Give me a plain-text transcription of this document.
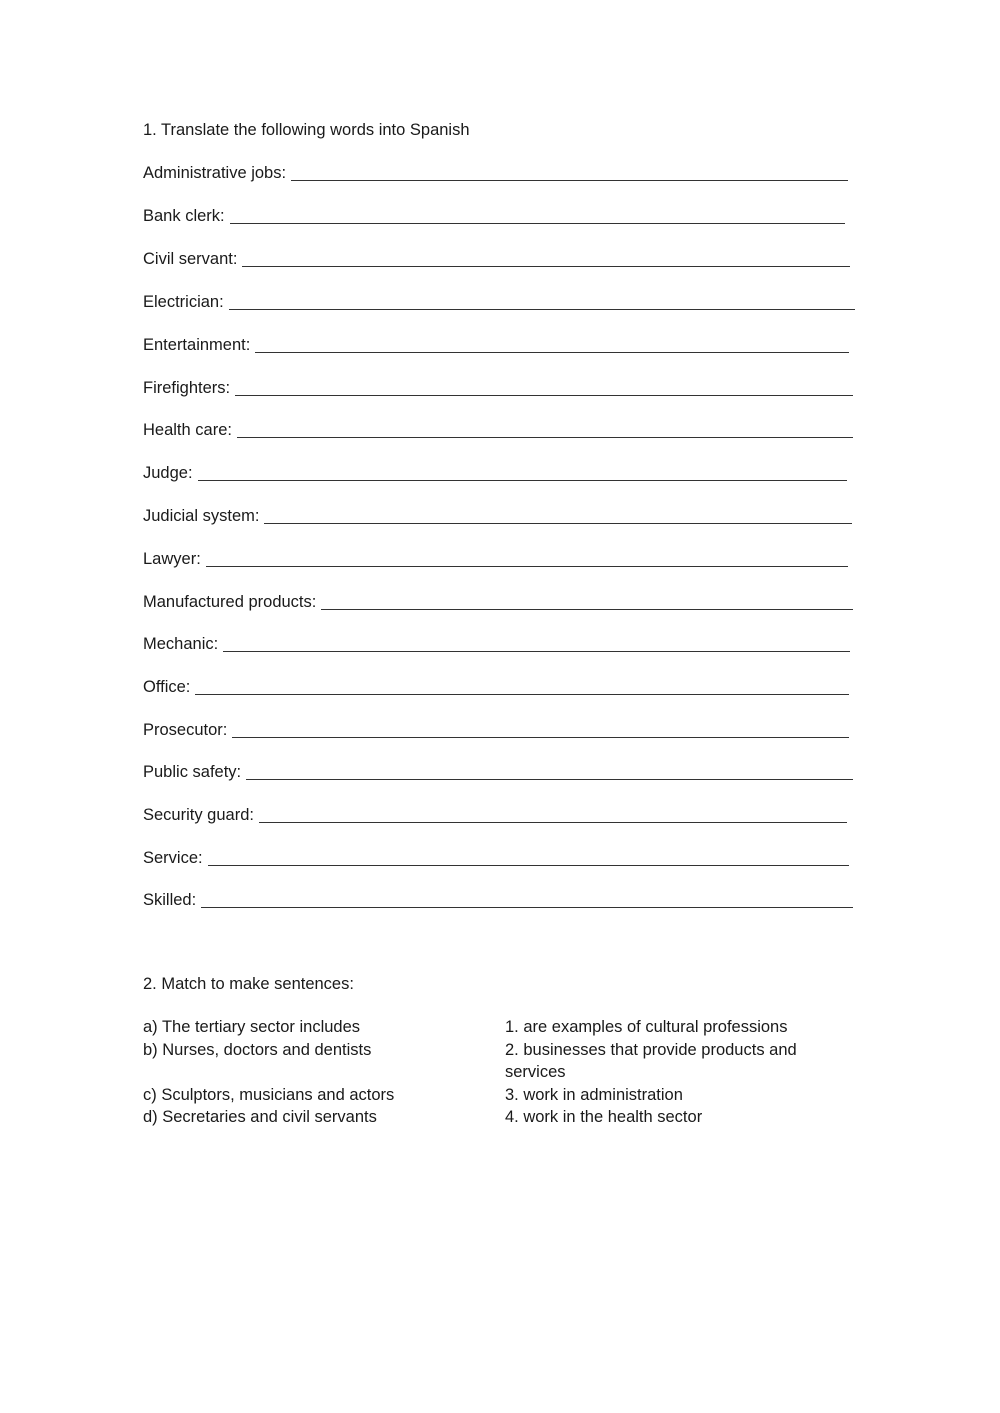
1. Translate the following words into Spanish
Administrative jobs:
Bank clerk:
Civil servant:
Electrician:
Entertainment:
Firefighters:
Health care:
Judge:
Judicial system:
Lawyer:
Manufactured products:
Mechanic:
Office:
Prosecutor:
Public safety:
Security guard:
Service:
Skilled:
2. Match to make sentences:
a) The tertiary sector includes
b) Nurses, doctors and dentists
c) Sculptors, musicians and actors
d) Secretaries and civil servants
1. are examples of cultural professions
2. businesses that provide products and services
3. work in administration
4. work in the health sector
